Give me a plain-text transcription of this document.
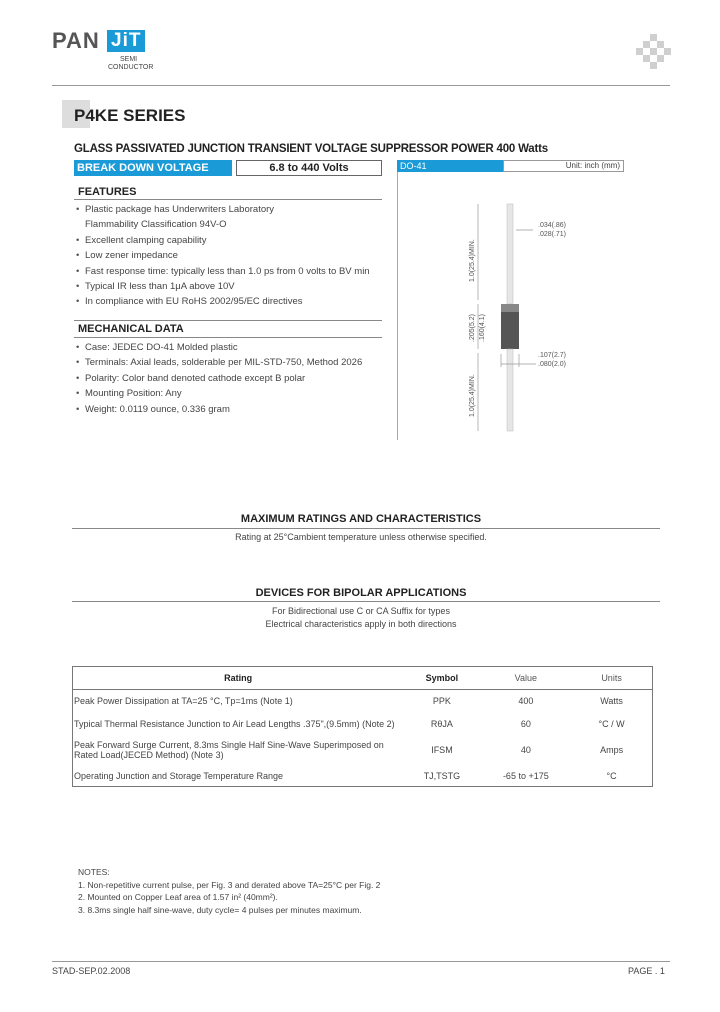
PAN JiT
SEMI
CONDUCTOR
P4KE SERIES
GLASS PASSIVATED JUNCTION TRANSIENT VOLTAGE SUPPRESSOR POWER 400 Watts
BREAK DOWN VOLTAGE	6.8 to 440 Volts	DO-41	Unit: inch (mm)
.034(.86)
.028(.71)
.107(2.7)
.080(2.0)
1.0(25.4)MIN.
.205(5.2) .160(4.1)
1.0(25.4)MIN.
FEATURES
• Plastic package has Underwriters Laboratory
Flammability Classification 94V-O
• Excellent clamping capability
• Low zener impedance
• Fast response time: typically less than 1.0 ps from 0 volts to BV min
• Typical IR less than 1μA above 10V
• In compliance with EU RoHS 2002/95/EC directives
MECHANICAL DATA
• Case: JEDEC DO-41 Molded plastic
• Terminals: Axial leads, solderable per MIL-STD-750, Method 2026
• Polarity: Color band denoted cathode except B polar
• Mounting Position: Any
• Weight: 0.0119 ounce, 0.336 gram
MAXIMUM RATINGS AND CHARACTERISTICS
Rating at 25°Cambient temperature unless otherwise specified.
DEVICES FOR BIPOLAR APPLICATIONS
For Bidirectional use C or CA Suffix for types
Electrical characteristics apply in both directions
Rating	Symbol	Value	Units
Peak Power Dissipation at TA=25 °C, Tp=1ms (Note 1)	PPK	400	Watts
Typical Thermal Resistance Junction to Air Lead Lengths .375",(9.5mm) (Note 2)	RθJA	60	°C / W
Peak Forward Surge Current, 8.3ms Single Half Sine-Wave Superimposed on Rated Load(JECED Method) (Note 3)	IFSM	40	Amps
Operating Junction and Storage Temperature Range	TJ,TSTG	-65 to +175	°C
NOTES:
1. Non-repetitive current pulse, per Fig. 3 and derated above TA=25°C per Fig. 2
2. Mounted on Copper Leaf area of 1.57 in² (40mm²).
3. 8.3ms single half sine-wave, duty cycle= 4 pulses per minutes maximum.
STAD-SEP.02.2008	PAGE . 1
